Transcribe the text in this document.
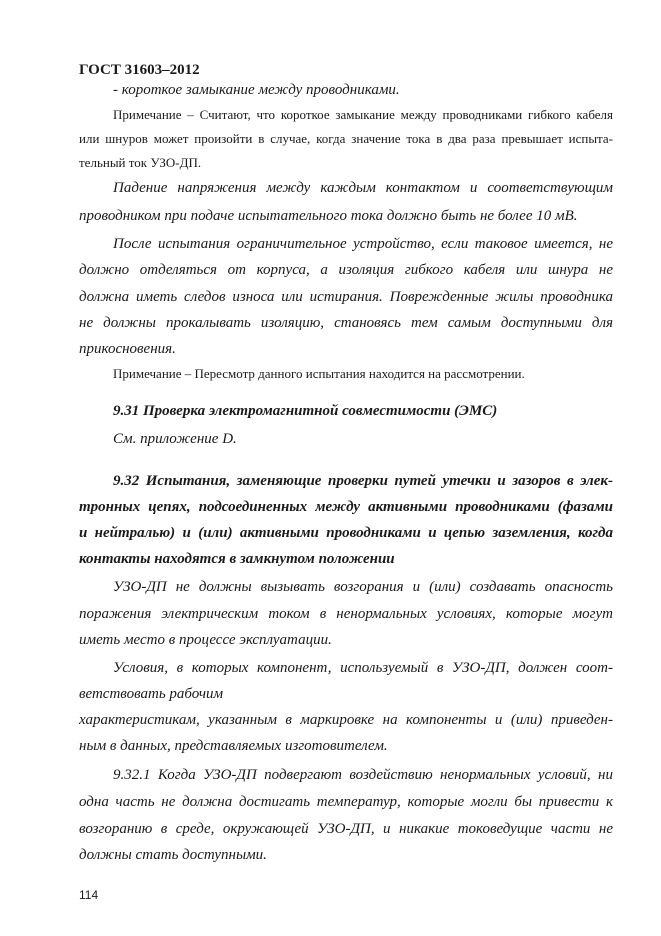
ГОСТ 31603–2012
- короткое замыкание между проводниками.
Примечание – Считают, что короткое замыкание между проводниками гибкого кабеля
или шнуров может произойти в случае, когда значение тока в два раза превышает испыта-
тельный ток УЗО-ДП.
Падение напряжения между каждым контактом и соответствующим
проводником при подаче испытательного тока должно быть не более 10 мВ.
После испытания ограничительное устройство, если таковое имеется, не
должно отделяться от корпуса, а изоляция гибкого кабеля или шнура не
должна иметь следов износа или истирания. Поврежденные жилы проводника
не должны прокалывать изоляцию, становясь тем самым доступными для
прикосновения.
Примечание – Пересмотр данного испытания находится на рассмотрении.
9.31 Проверка электромагнитной совместимости (ЭМС)
См. приложение D.
9.32 Испытания, заменяющие проверки путей утечки и зазоров в элек-
тронных цепях, подсоединенных между активными проводниками (фазами
и нейтралью) и (или) активными проводниками и цепью заземления, когда
контакты находятся в замкнутом положении
УЗО-ДП не должны вызывать возгорания и (или) создавать опасность
поражения электрическим током в ненормальных условиях, которые могут
иметь место в процессе эксплуатации.
Условия, в которых компонент, используемый в УЗО-ДП, должен соот-
ветствовать рабочим
характеристикам, указанным в маркировке на компоненты и (или) приведен-
ным в данных, представляемых изготовителем.
9.32.1 Когда УЗО-ДП подвергают воздействию ненормальных условий, ни
одна часть не должна достигать температур, которые могли бы привести к
возгоранию в среде, окружающей УЗО-ДП, и никакие токоведущие части не
должны стать доступными.
114
